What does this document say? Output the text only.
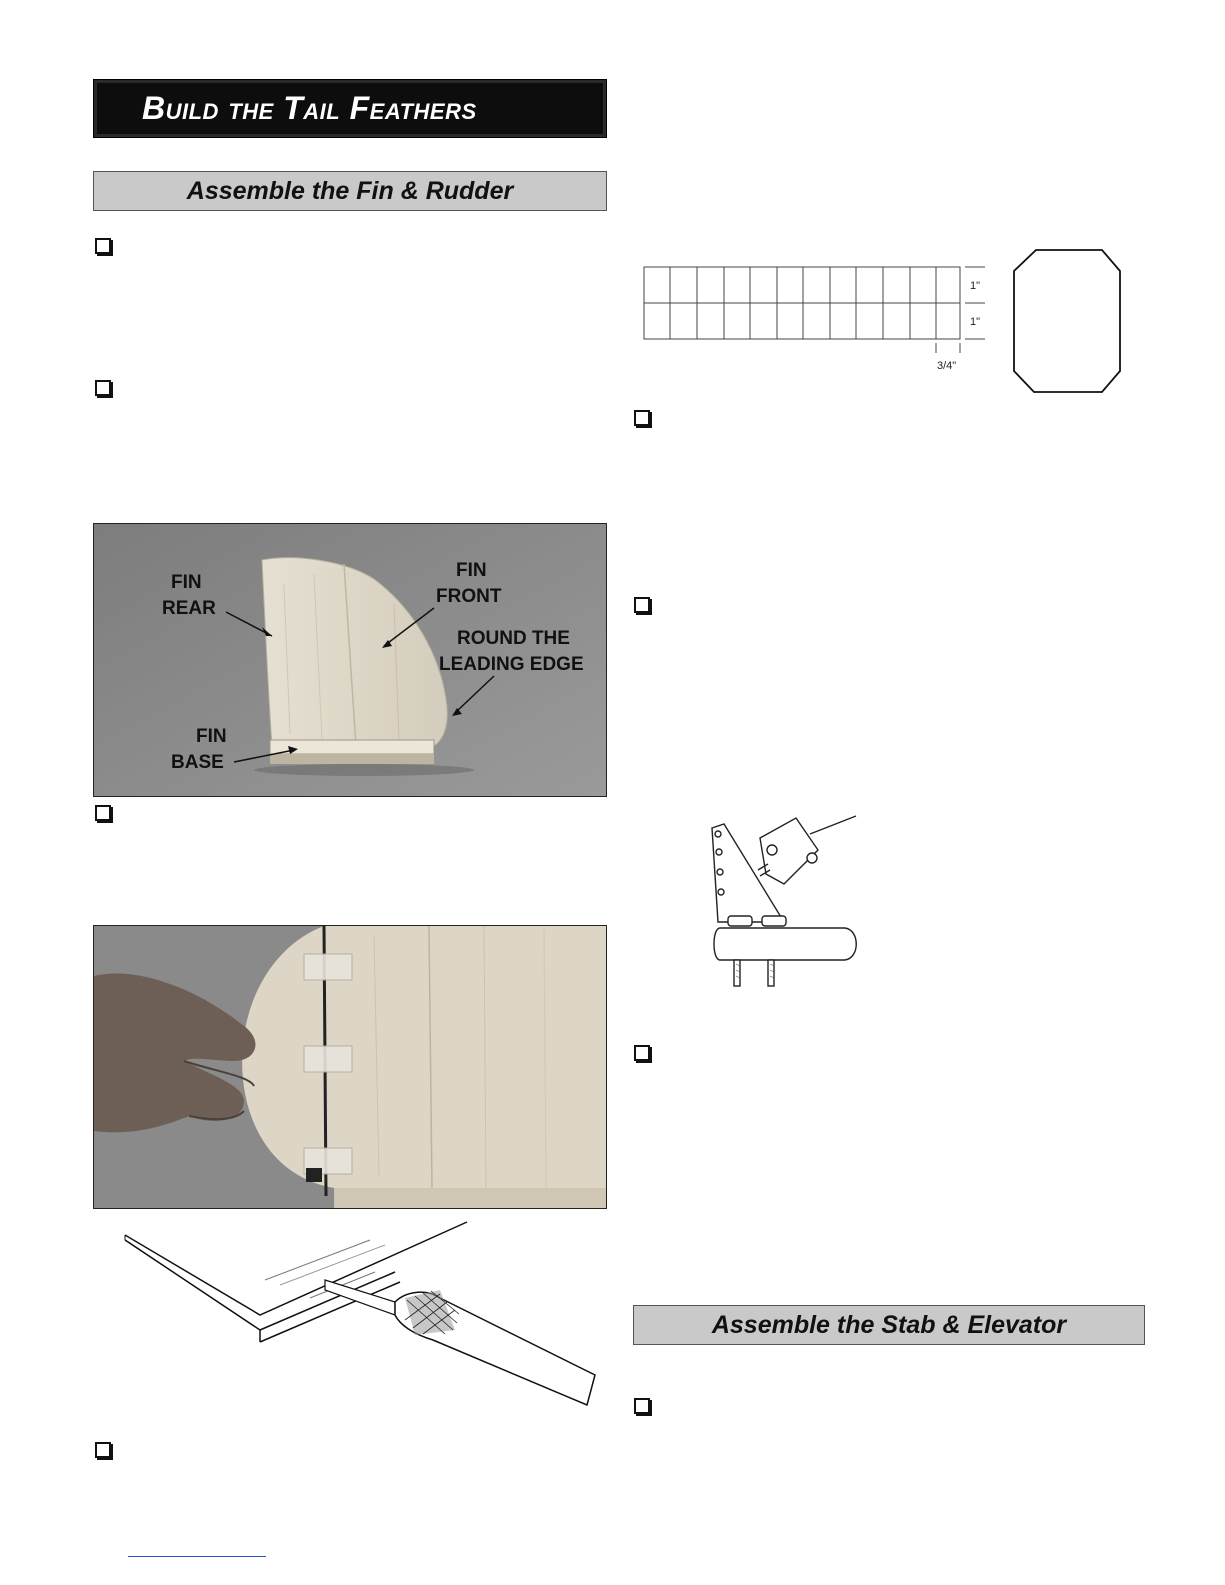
Build the Tail Feathers
Assemble the Fin & Rudder
FIN
REAR
FIN
FRONT
ROUND THE
LEADING EDGE
FIN
BASE
1"
1"
3/4"
Assemble the Stab & Elevator
